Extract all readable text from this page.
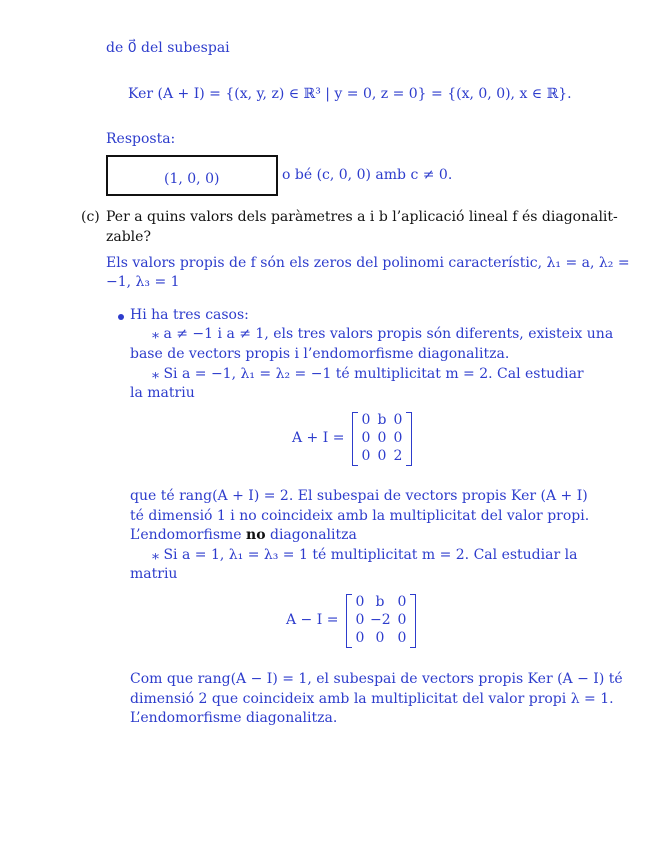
de 0⃗ del subespai
Ker (A + I) = {(x, y, z) ∈ ℝ³ | y = 0, z = 0} = {(x, 0, 0), x ∈ ℝ}.
Resposta:
(1, 0, 0)	o bé (c, 0, 0) amb c ≠ 0.
(c) Per a quins valors dels paràmetres a i b l’aplicació lineal f és diagonalit-
zable?
Els valors propis de f són els zeros del polinomi característic, λ₁ = a, λ₂ =
−1, λ₃ = 1
Hi ha tres casos:
⁎ a ≠ −1 i a ≠ 1, els tres valors propis són diferents, existeix una
base de vectors propis i l’endomorfisme diagonalitza.
⁎ Si a = −1, λ₁ = λ₂ = −1 té multiplicitat m = 2. Cal estudiar
la matriu
A + I =
0 b 0
0 0 0
0 0 2
que té rang(A + I) = 2. El subespai de vectors propis Ker (A + I)
té dimensió 1 i no coincideix amb la multiplicitat del valor propi.
L’endomorfisme no diagonalitza
⁎ Si a = 1, λ₁ = λ₃ = 1 té multiplicitat m = 2. Cal estudiar la
matriu
A − I =
0 b 0
0 −2 0
0 0 0
Com que rang(A − I) = 1, el subespai de vectors propis Ker (A − I) té
dimensió 2 que coincideix amb la multiplicitat del valor propi λ = 1.
L’endomorfisme diagonalitza.
